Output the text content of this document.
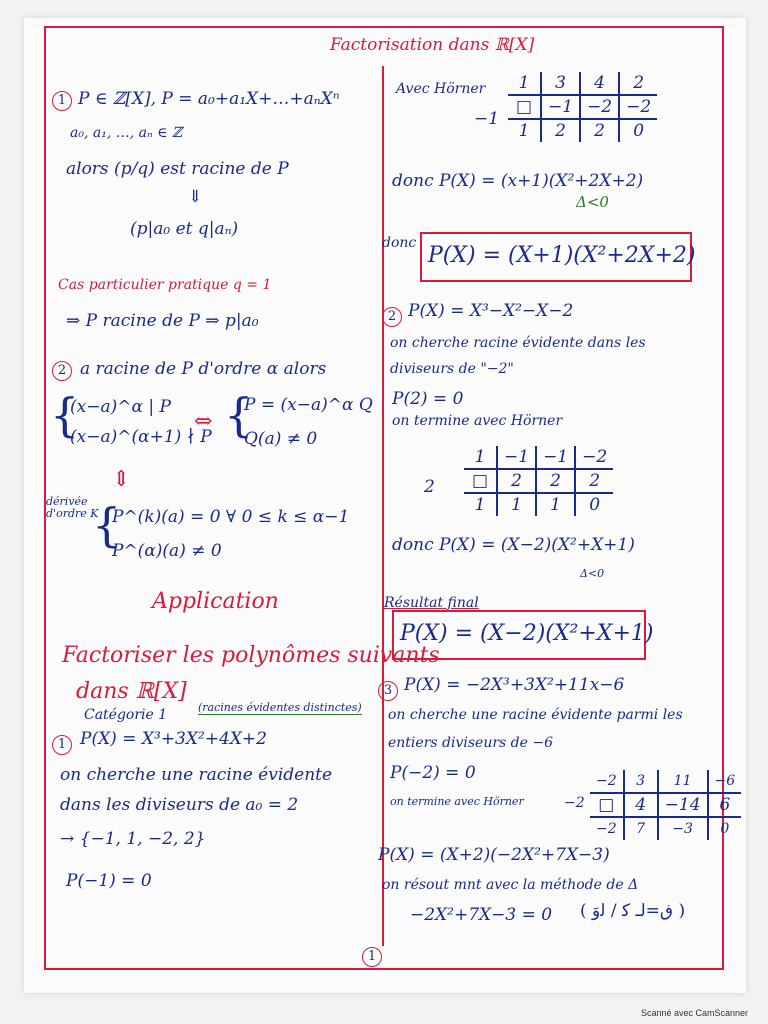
Factorisation dans ℝ[X]
1 P ∈ ℤ[X], P = a₀+a₁X+…+aₙXⁿ
a₀, a₁, …, aₙ ∈ ℤ
alors (p/q) est racine de P
⇓
(p|a₀ et q|aₙ)
Cas particulier pratique q = 1
⇒ P racine de P ⇒ p|a₀
2 a racine de P d'ordre α alors
{
(x−a)^α | P
(x−a)^(α+1) ∤ P
⇔ {
P = (x−a)^α Q
Q(a) ≠ 0
⇕
dérivée d'ordre K
{
P^(k)(a) = 0 ∀ 0 ≤ k ≤ α−1
P^(α)(a) ≠ 0
Application
Factoriser les polynômes suivants
dans ℝ[X]
Catégorie 1	(racines évidentes distinctes)
1 P(X) = X³+3X²+4X+2
on cherche une racine évidente
dans les diviseurs de a₀ = 2
→ {−1, 1, −2, 2}
P(−1) = 0
Avec Hörner
−1
1	3	4	2
□	−1	−2	−2
1	2	2	0
donc P(X) = (x+1)(X²+2X+2)
Δ<0
donc P(X) = (X+1)(X²+2X+2)
2 P(X) = X³−X²−X−2
on cherche racine évidente dans les
diviseurs de "−2"
P(2) = 0
on termine avec Hörner
2
1	−1	−1	−2
□	2	2	2
1	1	1	0
donc P(X) = (X−2)(X²+X+1)
Δ<0
Résultat final
P(X) = (X−2)(X²+X+1)
3 P(X) = −2X³+3X²+11x−6
on cherche une racine évidente parmi les
entiers diviseurs de −6
P(−2) = 0
on termine avec Hörner	−2
−2	3	11	−6
□	4	−14	6
−2	7	−3	0
P(X) = (X+2)(−2X²+7X−3)
on résout mnt avec la méthode de Δ
−2X²+7X−3 = 0 ( ڧ=ﻟـ ﻛ / ﻟوَ )
1
Scanné avec CamScanner
